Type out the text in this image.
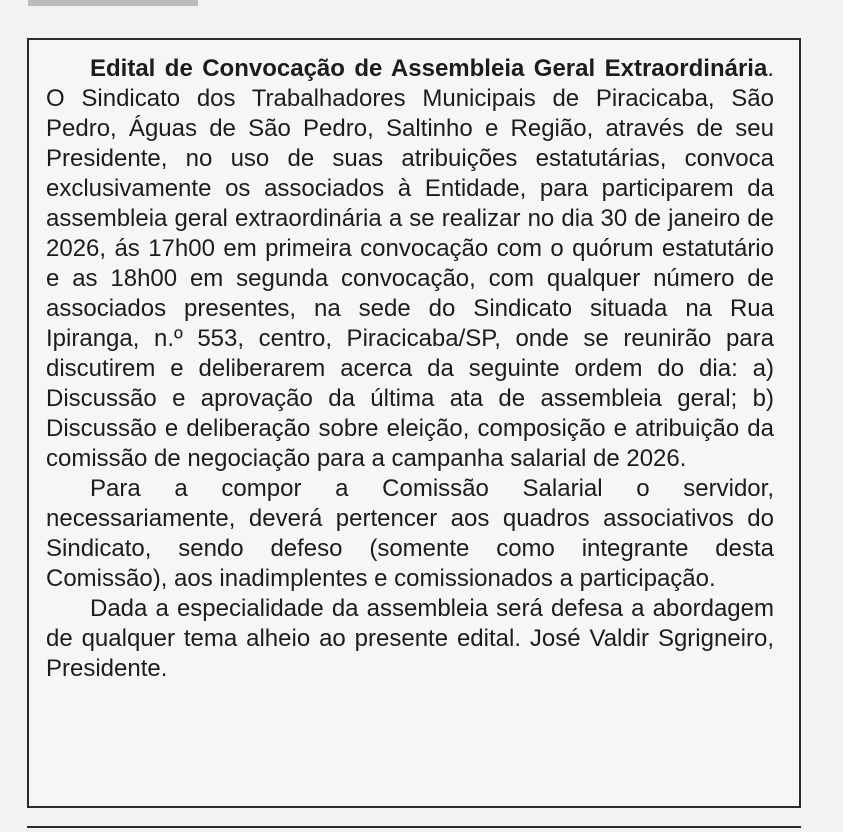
Edital de Convocação de Assembleia Geral Extraordinária. O Sindicato dos Trabalhadores Municipais de Piracicaba, São Pedro, Águas de São Pedro, Saltinho e Região, através de seu Presidente, no uso de suas atribuições estatutárias, convoca exclusivamente os associados à Entidade, para participarem da assembleia geral extraordinária a se realizar no dia 30 de janeiro de 2026, ás 17h00 em primeira convocação com o quórum estatutário e as 18h00 em segunda convocação, com qualquer número de associados presentes, na sede do Sindicato situada na Rua Ipiranga, n.º 553, centro, Piracicaba/SP, onde se reunirão para discutirem e deliberarem acerca da seguinte ordem do dia: a) Discussão e aprovação da última ata de assembleia geral; b) Discussão e deliberação sobre eleição, composição e atribuição da comissão de negociação para a campanha salarial de 2026.

Para a compor a Comissão Salarial o servidor, necessariamente, deverá pertencer aos quadros associativos do Sindicato, sendo defeso (somente como integrante desta Comissão), aos inadimplentes e comissionados a participação.

Dada a especialidade da assembleia será defesa a abordagem de qualquer tema alheio ao presente edital. José Valdir Sgrigneiro, Presidente.
